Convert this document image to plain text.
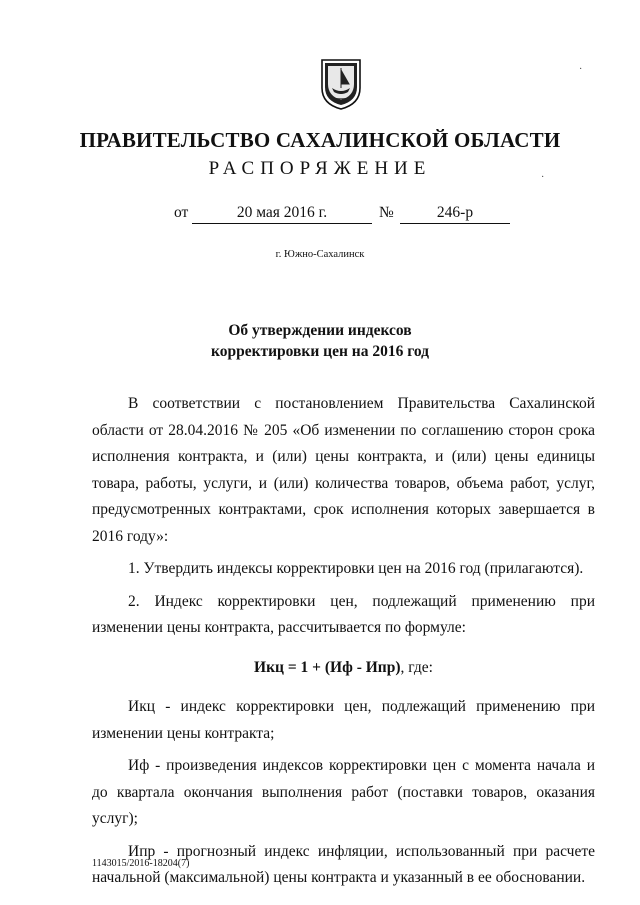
ПРАВИТЕЛЬСТВО САХАЛИНСКОЙ ОБЛАСТИ
РАСПОРЯЖЕНИЕ
от	20 мая 2016 г.	№	246-р
г. Южно-Сахалинск
Об утверждении индексов
корректировки цен на 2016 год

В соответствии с постановлением Правительства Сахалинской области от 28.04.2016 № 205 «Об изменении по соглашению сторон срока исполнения контракта, и (или) цены контракта, и (или) цены единицы товара, работы, услуги, и (или) количества товаров, объема работ, услуг, предусмотренных контрактами, срок исполнения которых завершается в 2016 году»:

1. Утвердить индексы корректировки цен на 2016 год (прилагаются).

2. Индекс корректировки цен, подлежащий применению при изменении цены контракта, рассчитывается по формуле:

Икц = 1 + (Иф - Ипр), где:

Икц - индекс корректировки цен, подлежащий применению при изменении цены контракта;

Иф - произведения индексов корректировки цен с момента начала и до квартала окончания выполнения работ (поставки товаров, оказания услуг);

Ипр - прогнозный индекс инфляции, использованный при расчете начальной (максимальной) цены контракта и указанный в ее обосновании.

1143015/2016-18204(7)
·
·
